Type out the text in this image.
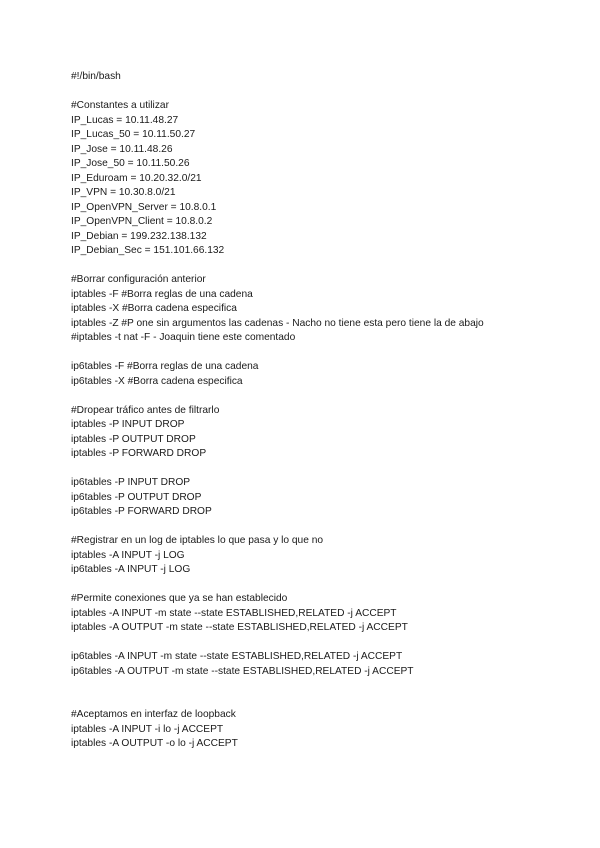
#!/bin/bash
#Constantes a utilizar
IP_Lucas = 10.11.48.27
IP_Lucas_50 = 10.11.50.27
IP_Jose = 10.11.48.26
IP_Jose_50 = 10.11.50.26
IP_Eduroam = 10.20.32.0/21
IP_VPN = 10.30.8.0/21
IP_OpenVPN_Server = 10.8.0.1
IP_OpenVPN_Client = 10.8.0.2
IP_Debian = 199.232.138.132
IP_Debian_Sec = 151.101.66.132
#Borrar configuración anterior
iptables -F #Borra reglas de una cadena
iptables -X #Borra cadena especifica
iptables -Z #P one sin argumentos las cadenas - Nacho no tiene esta pero tiene la de abajo
#iptables -t nat -F - Joaquin tiene este comentado
ip6tables -F #Borra reglas de una cadena
ip6tables -X #Borra cadena especifica
#Dropear tráfico antes de filtrarlo
iptables -P INPUT DROP
iptables -P OUTPUT DROP
iptables -P FORWARD DROP
ip6tables -P INPUT DROP
ip6tables -P OUTPUT DROP
ip6tables -P FORWARD DROP
#Registrar en un log de iptables lo que pasa y lo que no
iptables -A INPUT -j LOG
ip6tables -A INPUT -j LOG
#Permite conexiones que ya se han establecido
iptables -A INPUT -m state --state ESTABLISHED,RELATED -j ACCEPT
iptables -A OUTPUT -m state --state ESTABLISHED,RELATED -j ACCEPT
ip6tables -A INPUT -m state --state ESTABLISHED,RELATED -j ACCEPT
ip6tables -A OUTPUT -m state --state ESTABLISHED,RELATED -j ACCEPT
#Aceptamos en interfaz de loopback
iptables -A INPUT -i lo -j ACCEPT
iptables -A OUTPUT -o lo -j ACCEPT
